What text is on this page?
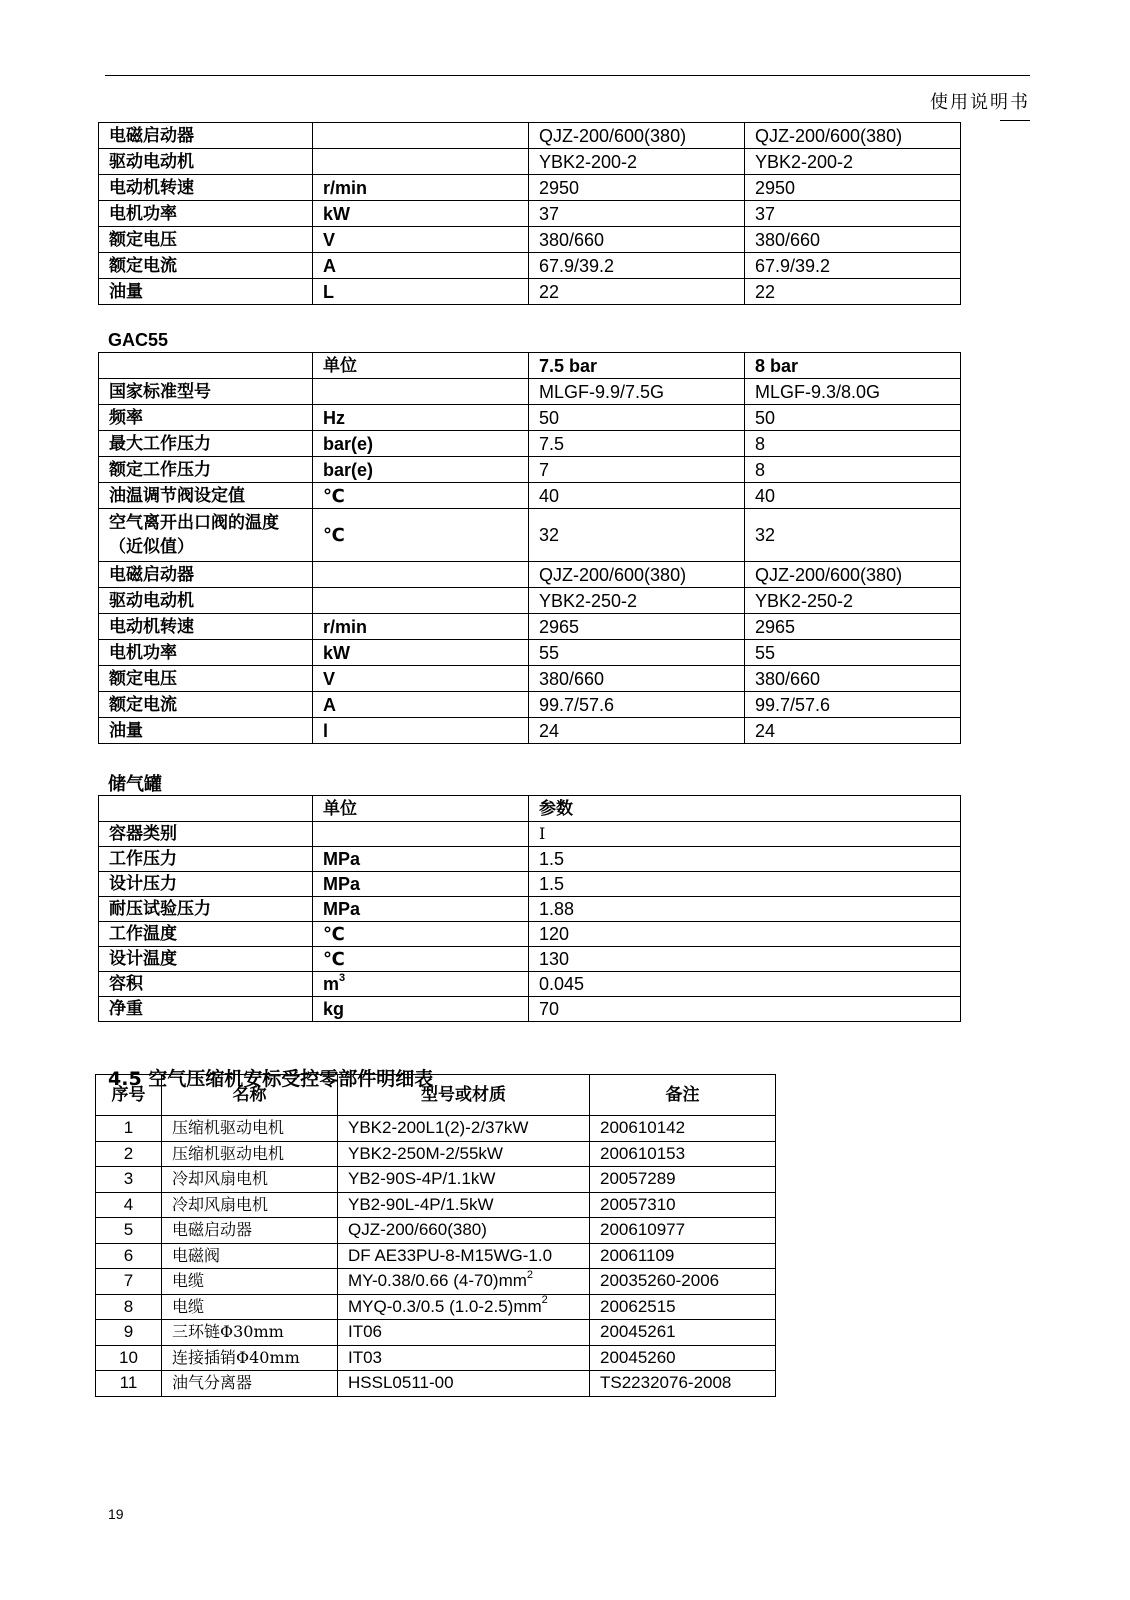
使用说明书
电磁启动器		QJZ-200/600(380)	QJZ-200/600(380)
驱动电动机		YBK2-200-2	YBK2-200-2
电动机转速	r/min	2950	2950
电机功率	kW	37	37
额定电压	V	380/660	380/660
额定电流	A	67.9/39.2	67.9/39.2
油量	L	22	22
GAC55
	单位	7.5 bar	8 bar
国家标准型号		MLGF-9.9/7.5G	MLGF-9.3/8.0G
频率	Hz	50	50
最大工作压力	bar(e)	7.5	8
额定工作压力	bar(e)	7	8
油温调节阀设定值	℃	40	40
空气离开出口阀的温度
（近似值）	℃	32	32
电磁启动器		QJZ-200/600(380)	QJZ-200/600(380)
驱动电动机		YBK2-250-2	YBK2-250-2
电动机转速	r/min	2965	2965
电机功率	kW	55	55
额定电压	V	380/660	380/660
额定电流	A	99.7/57.6	99.7/57.6
油量	l	24	24
储气罐
	单位	参数
容器类别		I
工作压力	MPa	1.5
设计压力	MPa	1.5
耐压试验压力	MPa	1.88
工作温度	℃	120
设计温度	℃	130
容积	$m^3$	0.045
净重	kg	70
4.5 空气压缩机安标受控零部件明细表
序号	名称	型号或材质	备注
1	压缩机驱动电机	YBK2-200L1(2)-2/37kW	200610142
2	压缩机驱动电机	YBK2-250M-2/55kW	200610153
3	冷却风扇电机	YB2-90S-4P/1.1kW	20057289
4	冷却风扇电机	YB2-90L-4P/1.5kW	20057310
5	电磁启动器	QJZ-200/660(380)	200610977
6	电磁阀	DF AE33PU-8-M15WG-1.0	20061109
7	电缆	MY-0.38/0.66 $(4-70)mm^2$	20035260-2006
8	电缆	MYQ-0.3/0.5 $(1.0-2.5)mm^2$	20062515
9	三环链Φ30mm	IT06	20045261
10	连接插销Φ40mm	IT03	20045260
11	油气分离器	HSSL0511-00	TS2232076-2008
19
